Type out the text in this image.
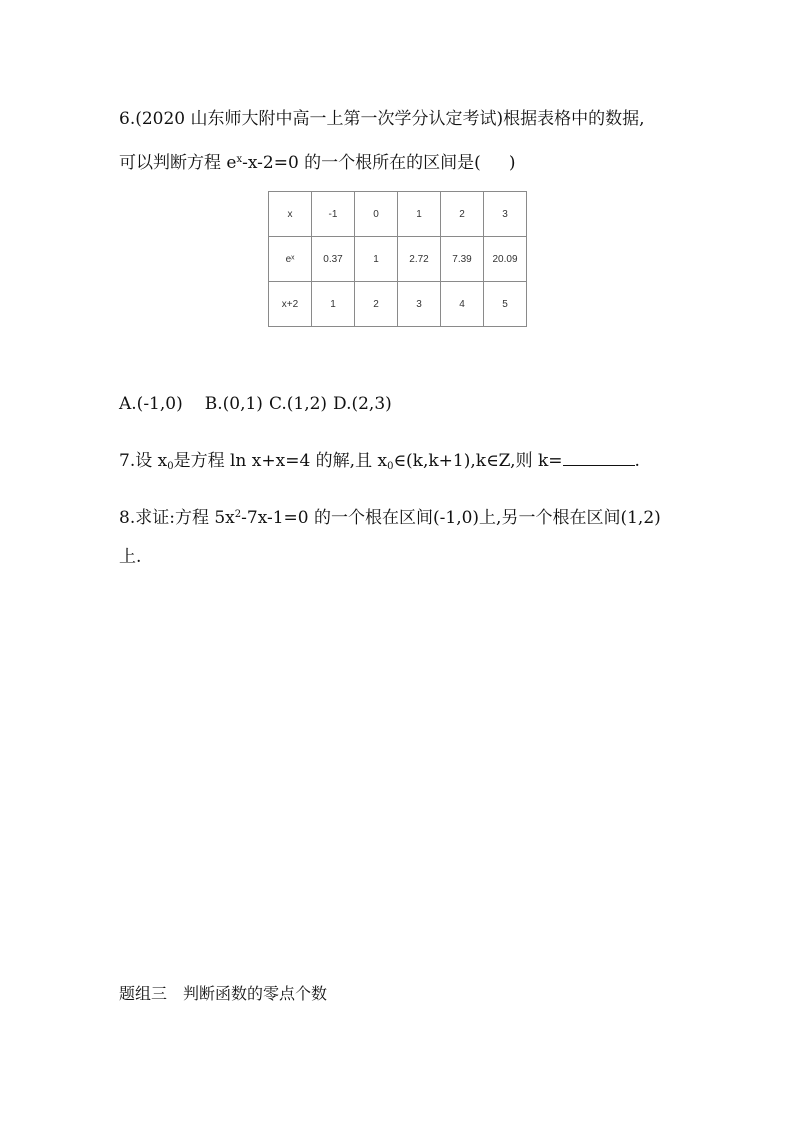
6.(2020 山东师大附中高一上第一次学分认定考试)根据表格中的数据,
可以判断方程 $e^x-x-2=0$ 的一个根所在的区间是( )
x	-1	0	1	2	3
eˣ	0.37	1	2.72	7.39	20.09
x+2	1	2	3	4	5
A.(-1,0) B.(0,1) C.(1,2) D.(2,3)
7.设 $x_0$是方程 ln x+x=4 的解,且 $x_0\in(k,k+1),k\in Z$,则 k=	.
8.求证:方程 $5x^2-7x-1=0$ 的一个根在区间(-1,0)上,另一个根在区间(1,2)
上.
题组三 判断函数的零点个数
